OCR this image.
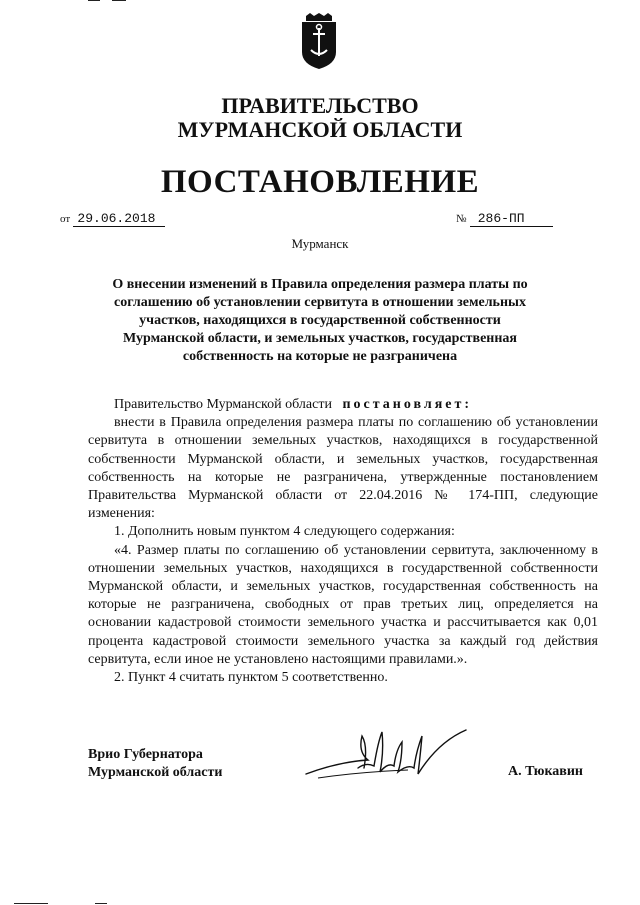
ПРАВИТЕЛЬСТВО
МУРМАНСКОЙ ОБЛАСТИ
ПОСТАНОВЛЕНИЕ
от 29.06.2018	№ 286-ПП
Мурманск
О внесении изменений в Правила определения размера платы по
соглашению об установлении сервитута в отношении земельных
участков, находящихся в государственной собственности
Мурманской области, и земельных участков, государственная
собственность на которые не разграничена

Правительство Мурманской области постановляет:

внести в Правила определения размера платы по соглашению об установлении сервитута в отношении земельных участков, находящихся в государственной собственности Мурманской области, и земельных участков, государственная собственность на которые не разграничена, утвержденные постановлением Правительства Мурманской области от 22.04.2016 № 174-ПП, следующие изменения:

1. Дополнить новым пунктом 4 следующего содержания:

«4. Размер платы по соглашению об установлении сервитута, заключенному в отношении земельных участков, находящихся в государственной собственности Мурманской области, и земельных участков, государственная собственность на которые не разграничена, свободных от прав третьих лиц, определяется на основании кадастровой стоимости земельного участка и рассчитывается как 0,01 процента кадастровой стоимости земельного участка за каждый год действия сервитута, если иное не установлено настоящими правилами.».

2. Пункт 4 считать пунктом 5 соответственно.

Врио Губернатора
Мурманской области	А. Тюкавин
